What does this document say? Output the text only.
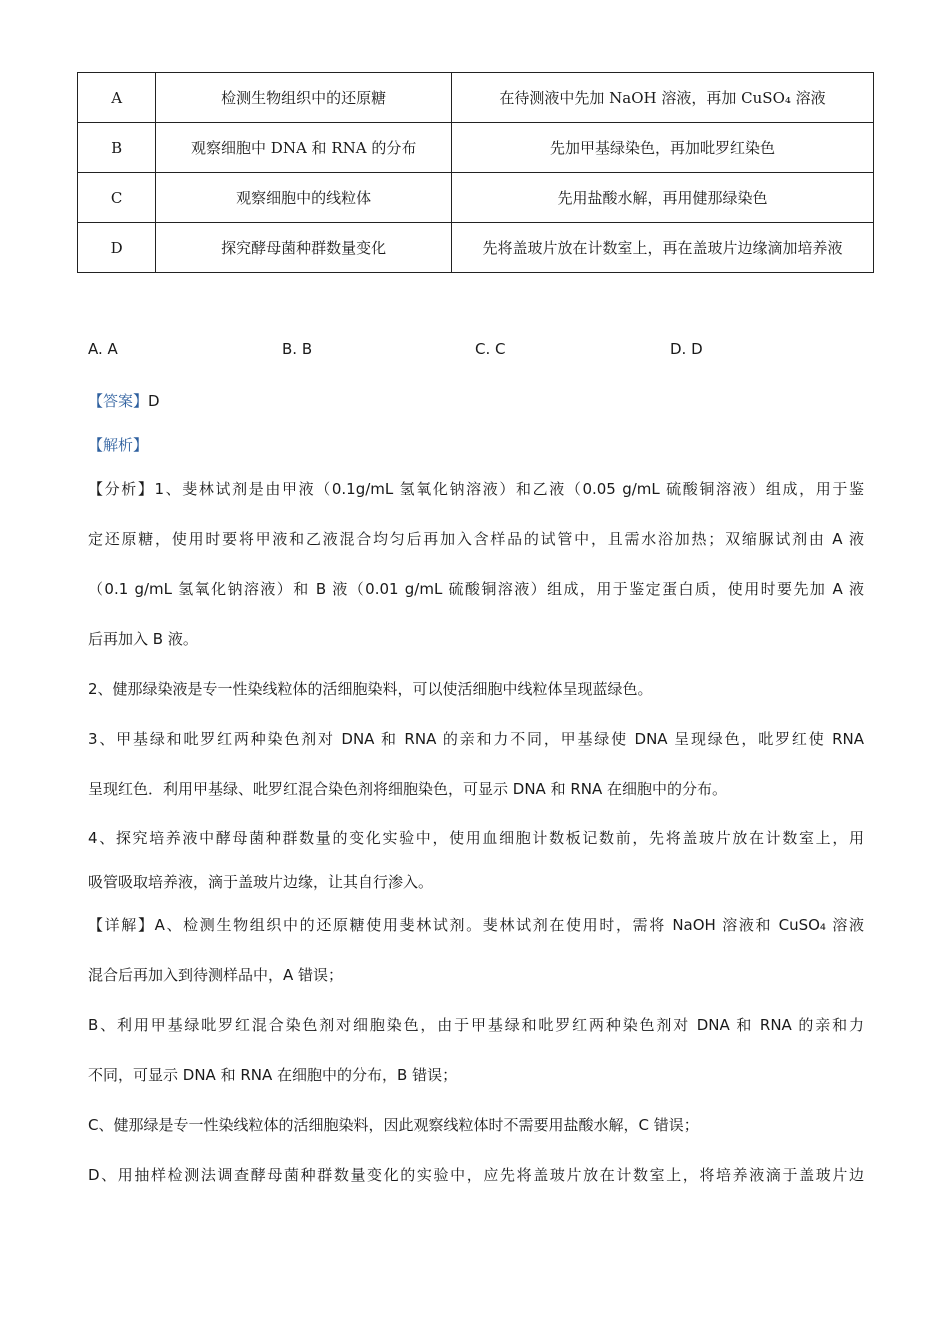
A	检测生物组织中的还原糖	在待测液中先加 NaOH 溶液，再加 CuSO₄ 溶液
B	观察细胞中 DNA 和 RNA 的分布	先加甲基绿染色，再加吡罗红染色
C	观察细胞中的线粒体	先用盐酸水解，再用健那绿染色
D	探究酵母菌种群数量变化	先将盖玻片放在计数室上，再在盖玻片边缘滴加培养液
A. A	B. B	C. C	D. D
【答案】D
【解析】
【分析】1、斐林试剂是由甲液（0.1g/mL 氢氧化钠溶液）和乙液（0.05 g/mL 硫酸铜溶液）组成，用于鉴
定还原糖，使用时要将甲液和乙液混合均匀后再加入含样品的试管中，且需水浴加热；双缩脲试剂由 A 液
（0.1 g/mL 氢氧化钠溶液）和 B 液（0.01 g/mL 硫酸铜溶液）组成，用于鉴定蛋白质，使用时要先加 A 液
后再加入 B 液。
2、健那绿染液是专一性染线粒体的活细胞染料，可以使活细胞中线粒体呈现蓝绿色。
3、甲基绿和吡罗红两种染色剂对 DNA 和 RNA 的亲和力不同，甲基绿使 DNA 呈现绿色，吡罗红使 RNA
呈现红色．利用甲基绿、吡罗红混合染色剂将细胞染色，可显示 DNA 和 RNA 在细胞中的分布。
4、探究培养液中酵母菌种群数量的变化实验中，使用血细胞计数板记数前，先将盖玻片放在计数室上，用
吸管吸取培养液，滴于盖玻片边缘，让其自行渗入。
【详解】A、检测生物组织中的还原糖使用斐林试剂。斐林试剂在使用时，需将 NaOH 溶液和 CuSO₄ 溶液
混合后再加入到待测样品中，A 错误；
B、利用甲基绿吡罗红混合染色剂对细胞染色，由于甲基绿和吡罗红两种染色剂对 DNA 和 RNA 的亲和力
不同，可显示 DNA 和 RNA 在细胞中的分布，B 错误；
C、健那绿是专一性染线粒体的活细胞染料，因此观察线粒体时不需要用盐酸水解，C 错误；
D、用抽样检测法调查酵母菌种群数量变化的实验中，应先将盖玻片放在计数室上，将培养液滴于盖玻片边
